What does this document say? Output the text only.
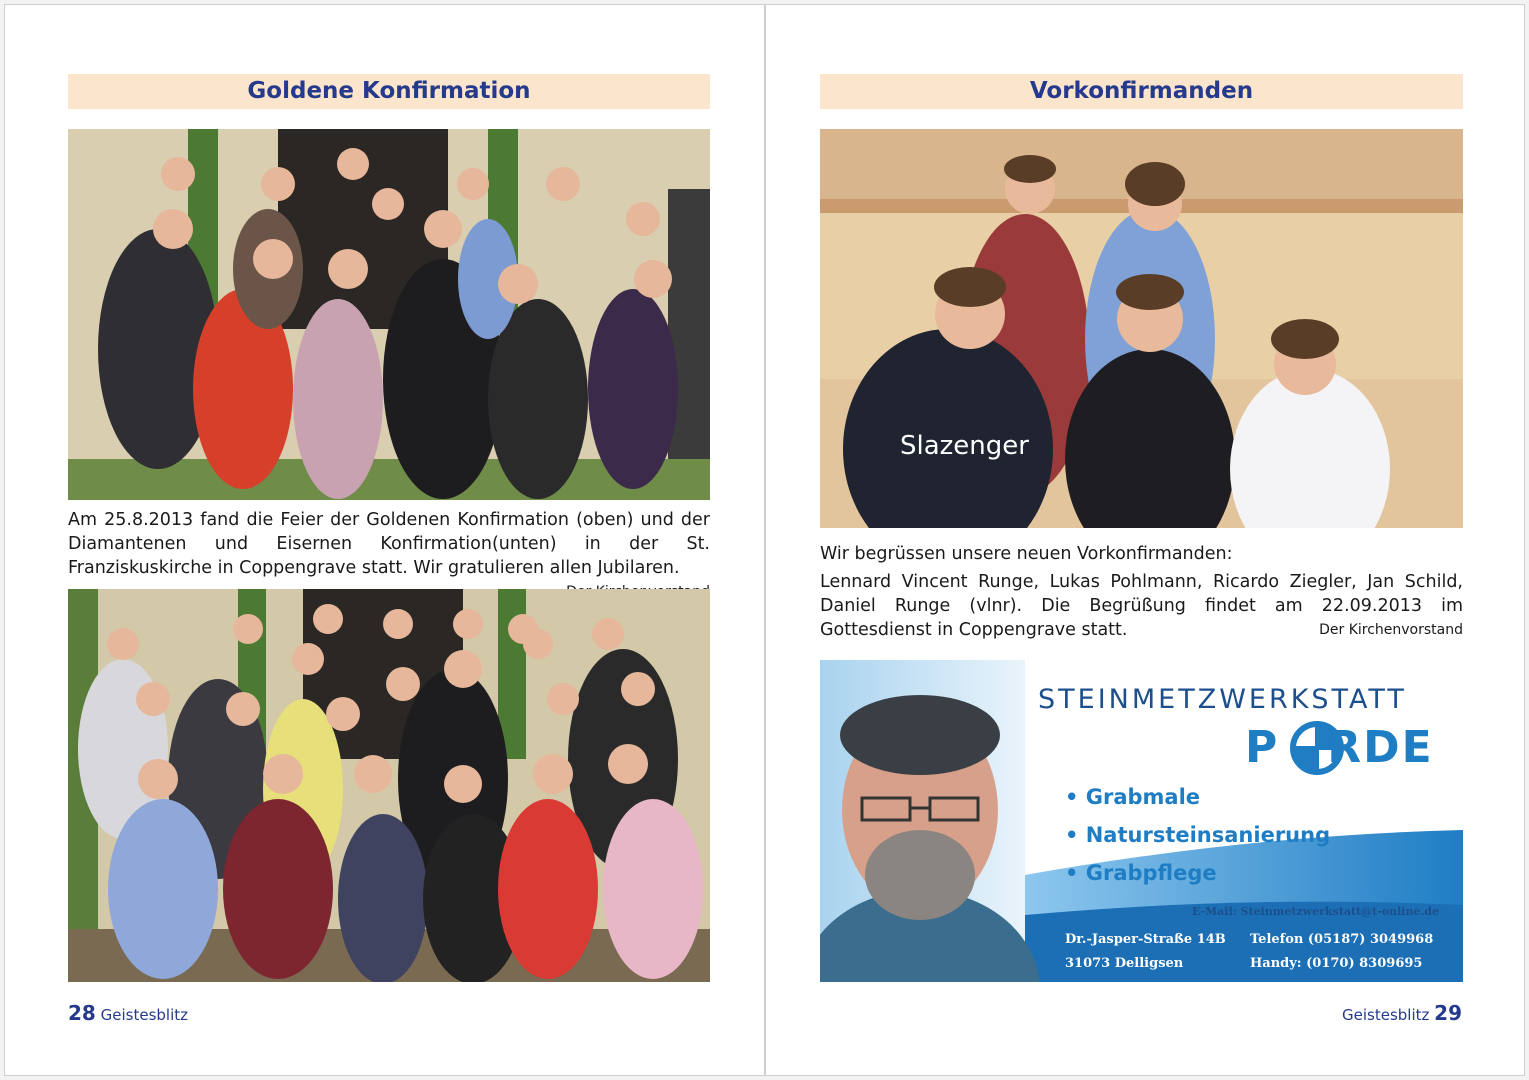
Goldene Konfirmation
Am 25.8.2013 fand die Feier der Goldenen Konfirmation (oben) und der Diamantenen und Eisernen Konfirmation(unten) in der St. Franziskuskirche in Coppengrave statt. Wir gratulieren allen Jubilaren.
28 Geistesblitz
Vorkonfirmanden
Slazenger
Wir begrüssen unsere neuen Vorkonfirmanden:
Lennard Vincent Runge, Lukas Pohlmann, Ricardo Ziegler, Jan Schild, Daniel Runge (vlnr). Die Begrüßung findet am 22.09.2013 im Gottesdienst in Coppengrave statt.	Der Kirchenvorstand
STEINMETZWERKSTATT
P RDE
• Grabmale
• Natursteinsanierung
• Grabpflege
E-Mail: Steinmetzwerkstatt@t-online.de
Dr.-Jasper-Straße 14B
31073 Delligsen
Telefon (05187) 3049968
Handy: (0170) 8309695
Geistesblitz 29
